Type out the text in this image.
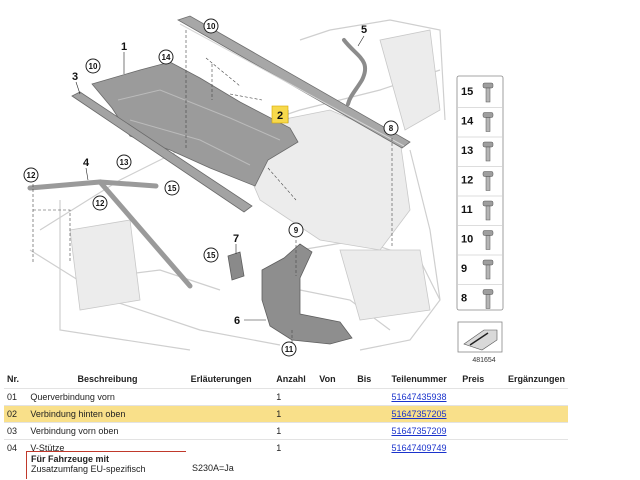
10
14
10
12
13
15
12
8
9
15
11
1
2
3
4
5
6
7
15
14
13
12
11
10
9
8
481654
Nr.	Beschreibung	Erläuterungen	Anzahl	Von	Bis	Teilenummer	Preis	Ergänzungen
01	Querverbindung vorn		1			51647435938		
02	Verbindung hinten oben		1			51647357205		
03	Verbindung vorn oben		1			51647357209		
04	V-Stütze		1			51647409749		
Für Fahrzeuge mit
Zusatzumfang EU-spezifisch	S230A=Ja
